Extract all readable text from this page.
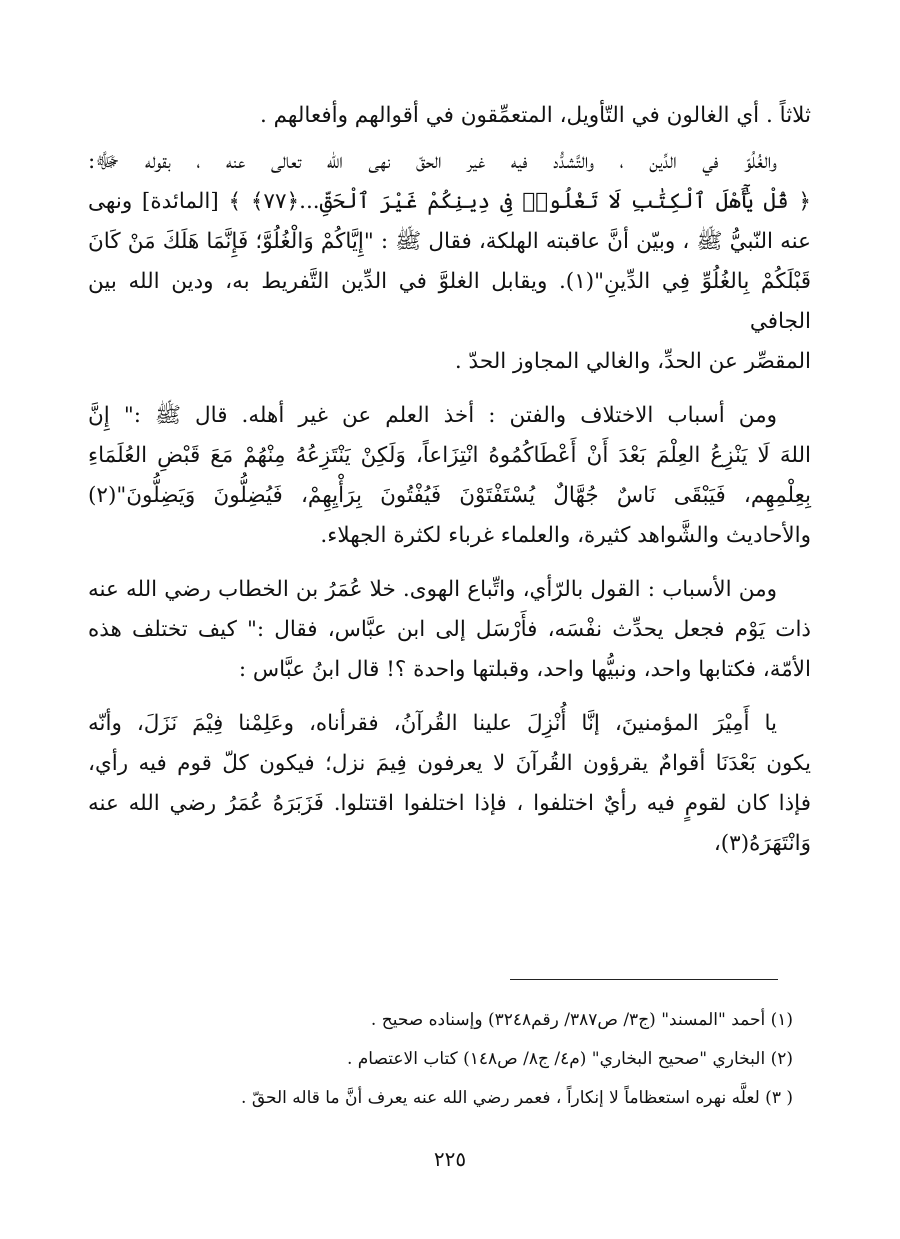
ثلاثاً . أي الغالون في التّأويل، المتعمِّقون في أقوالهم وأفعالهم .

والغُلُوّ في الدِّين ، والتَّشدُّد فيه غير الحقّ نهى الله تعالى عنه ، بقوله ﷻ:
﴿ قُلْ يَٰٓأَهْلَ ٱلْكِتَٰبِ لَا تَغْلُوا۟ فِى دِينِكُمْ غَيْرَ ٱلْحَقِّ...﴿٧٧﴾ ﴾ [المائدة] ونهى
عنه النّبيُّ ﷺ ، وبيّن أنَّ عاقبته الهلكة، فقال ﷺ : "إِيَّاكُمْ وَالْغُلُوَّ؛ فَإِنَّمَا هَلَكَ مَنْ كَانَ
قَبْلَكُمْ بِالغُلُوِّ فِي الدِّينِ"(١). ويقابل الغلوَّ في الدِّين التَّفريط به، ودين الله بين الجافي
المقصِّر عن الحدِّ، والغالي المجاوز الحدّ .

ومن أسباب الاختلاف والفتن : أخذ العلم عن غير أهله. قال ﷺ :" إِنَّ
اللهَ لَا يَنْزِعُ العِلْمَ بَعْدَ أَنْ أَعْطَاكُمُوهُ انْتِزَاعاً، وَلَكِنْ يَنْتَزِعُهُ مِنْهُمْ مَعَ قَبْضِ العُلَمَاءِ
بِعِلْمِهِم، فَيَبْقَى نَاسٌ جُهَّالٌ يُسْتَفْتَوْنَ فَيُفْتُونَ بِرَأْيِهِمْ، فَيُضِلُّونَ وَيَضِلُّونَ"(٢)
والأحاديث والشَّواهد كثيرة، والعلماء غرباء لكثرة الجهلاء.

ومن الأسباب : القول بالرّأي، واتِّباع الهوى. خلا عُمَرُ بن الخطاب رضي الله عنه
ذات يَوْم فجعل يحدِّث نفْسَه، فأَرْسَل إلى ابن عبَّاس، فقال :" كيف تختلف هذه
الأمّة، فكتابها واحد، ونبيُّها واحد، وقبلتها واحدة ؟! قال ابنُ عبَّاس :

يا أَمِيْرَ المؤمنينَ، إنَّا أُنْزِلَ علينا القُرآنُ، فقرأناه، وعَلِمْنا فِيْمَ نَزَلَ، وأنّه
يكون بَعْدَنَا أقوامٌ يقرؤون القُرآنَ لا يعرفون فِيمَ نزل؛ فيكون كلّ قوم فيه رأي،
فإذا كان لقومٍ فيه رأيٌ اختلفوا ، فإذا اختلفوا اقتتلوا. فَزَبَرَهُ عُمَرُ رضي الله عنه وَانْتَهَرَهُ(٣)،

(١) أحمد "المسند" (ج٣/ ص٣٨٧/ رقم٣٢٤٨) وإسناده صحيح .
(٢) البخاري "صحيح البخاري" (م٤/ ج٨/ ص١٤٨) كتاب الاعتصام .
( ٣) لعلَّه نهره استعظاماً لا إنكاراً ، فعمر رضي الله عنه يعرف أنَّ ما قاله الحقّ .
٢٢٥
